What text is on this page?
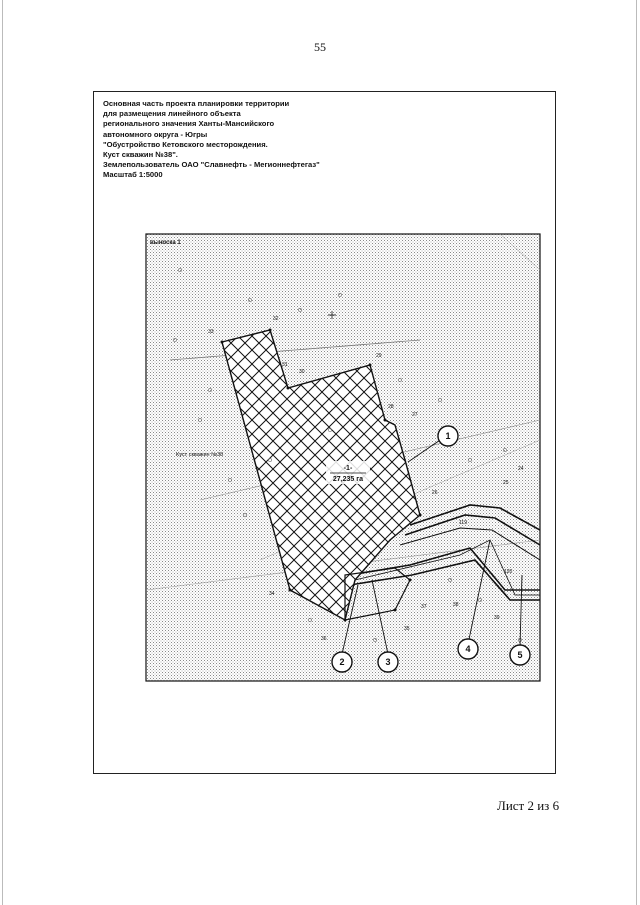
55
Основная часть проекта планировки территории
для размещения линейного объекта
регионального значения Ханты-Мансийского
автономного округа - Югры
"Обустройство Кетовского месторождения.
Куст скважин №38".
Землепользователь ОАО "Славнефть - Мегионнефтегаз"
Масштаб 1:5000
выноска 1
Куст скважин №38
-1-
27,235 га
33
32
31
30
29
28
27
24
25
26
34
35
36
37	38
39
119
120
1
2	3
4
5
Лист 2 из 6
